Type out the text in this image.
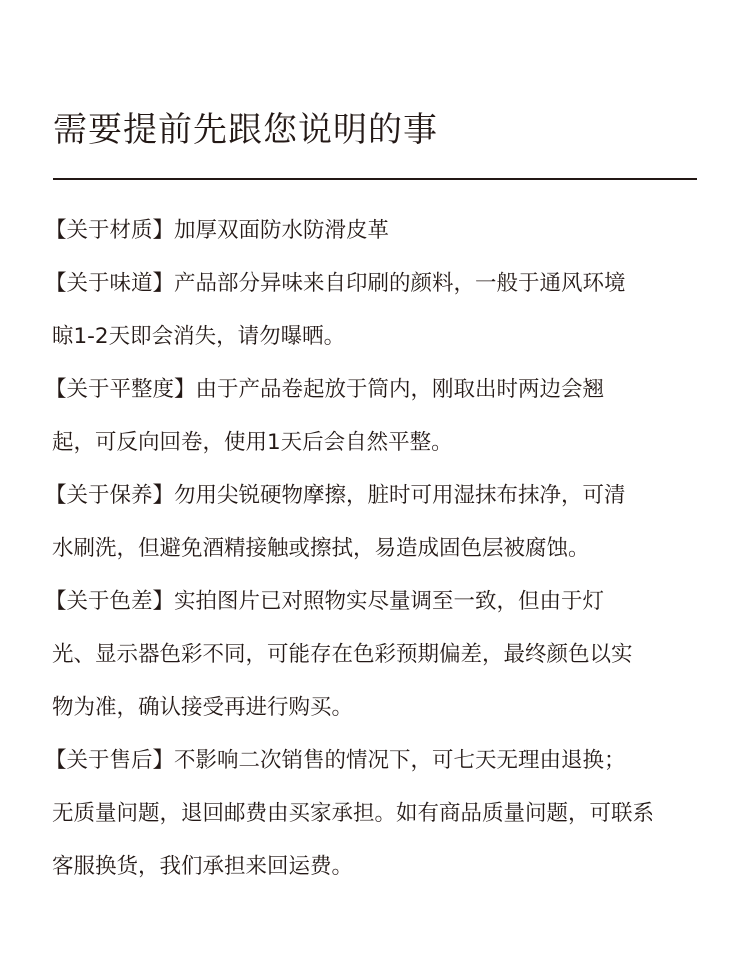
需要提前先跟您说明的事
【关于材质】加厚双面防水防滑皮革
【关于味道】产品部分异味来自印刷的颜料，一般于通风环境
晾1-2天即会消失，请勿曝晒。
【关于平整度】由于产品卷起放于筒内，刚取出时两边会翘
起，可反向回卷，使用1天后会自然平整。
【关于保养】勿用尖锐硬物摩擦，脏时可用湿抹布抹净，可清
水刷洗，但避免酒精接触或擦拭，易造成固色层被腐蚀。
【关于色差】实拍图片已对照物实尽量调至一致，但由于灯
光、显示器色彩不同，可能存在色彩预期偏差，最终颜色以实
物为准，确认接受再进行购买。
【关于售后】不影响二次销售的情况下，可七天无理由退换；
无质量问题，退回邮费由买家承担。如有商品质量问题，可联系
客服换货，我们承担来回运费。
